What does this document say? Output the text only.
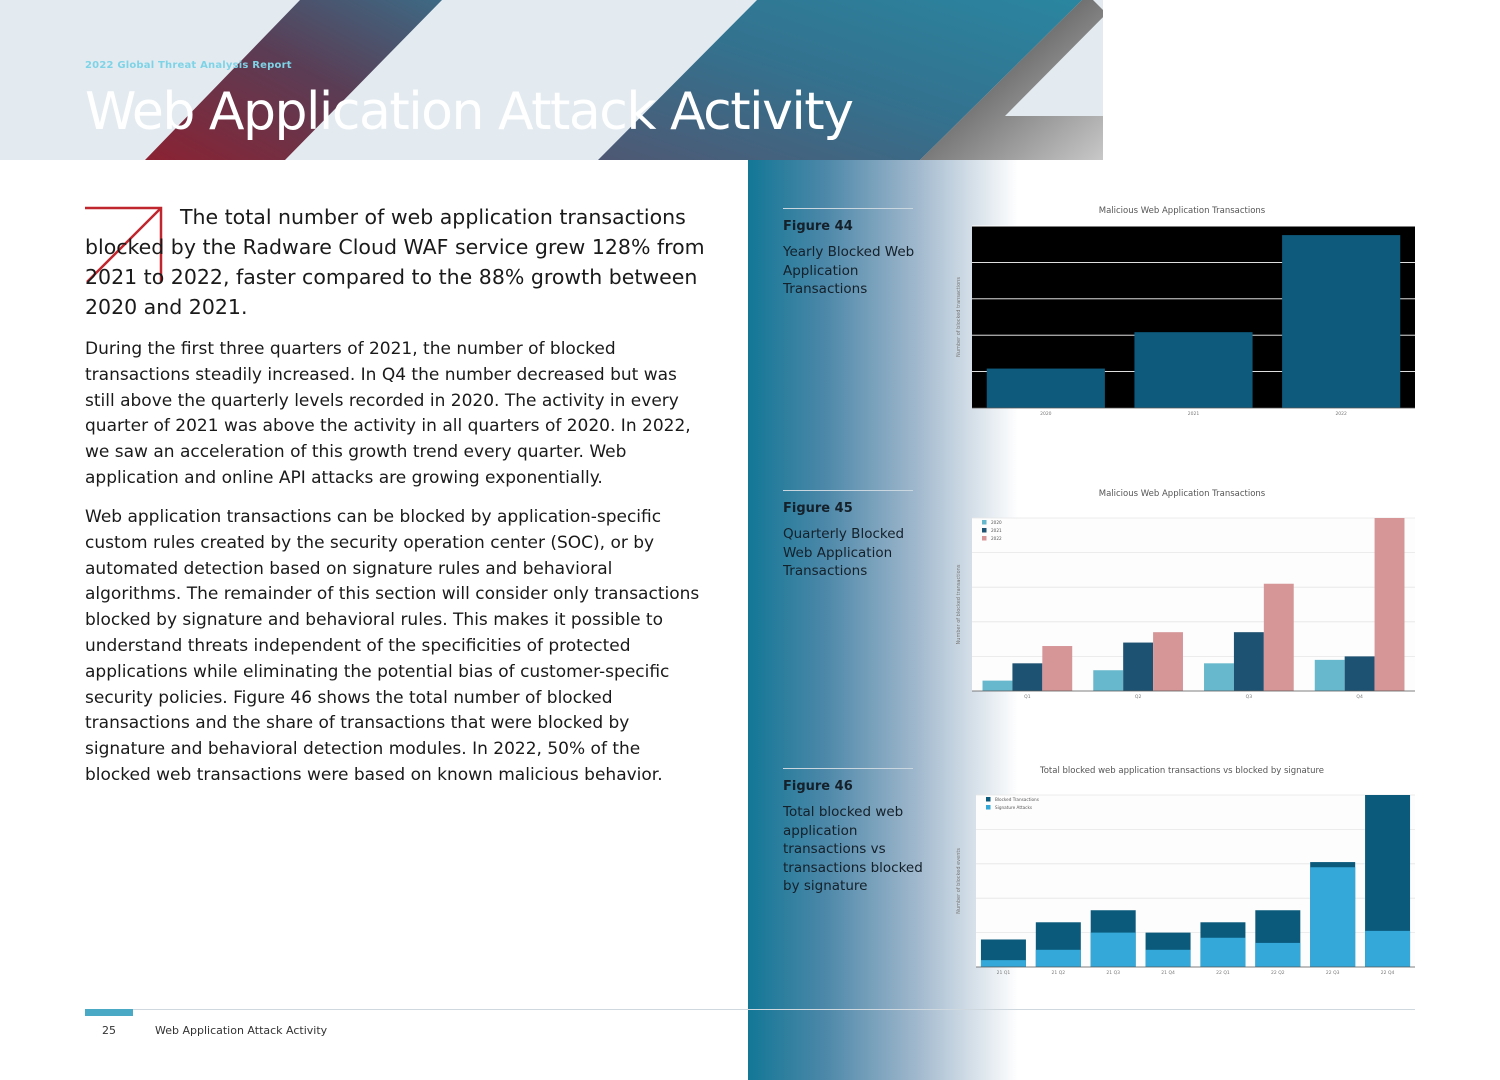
2022 Global Threat Analysis Report
Web Application Attack Activity
The total number of web application transactions blocked by the Radware Cloud WAF service grew 128% from 2021 to 2022, faster compared to the 88% growth between 2020 and 2021.

During the first three quarters of 2021, the number of blocked transactions steadily increased. In Q4 the number decreased but was still above the quarterly levels recorded in 2020. The activity in every quarter of 2021 was above the activity in all quarters of 2020. In 2022, we saw an acceleration of this growth trend every quarter. Web application and online API attacks are growing exponentially.

Web application transactions can be blocked by application-specific custom rules created by the security operation center (SOC), or by automated detection based on signature rules and behavioral algorithms. The remainder of this section will consider only transactions blocked by signature and behavioral rules. This makes it possible to understand threats independent of the specificities of protected applications while eliminating the potential bias of customer-specific security policies. Figure 46 shows the total number of blocked transactions and the share of transactions that were blocked by signature and behavioral detection modules. In 2022, 50% of the blocked web transactions were based on known malicious behavior.

Figure 44
Yearly Blocked Web Application Transactions
Figure 45
Quarterly Blocked Web Application Transactions
Figure 46
Total blocked web application transactions vs transactions blocked by signature
Malicious Web Application Transactions
Malicious Web Application Transactions
Total blocked web application transactions vs blocked by signature
Number of blocked transactions
2020	2021	2022
Number of blocked transactions
Q1	Q2	Q3	Q4
2020
2021
2022
Number of blocked events
21 Q1	21 Q2	21 Q3	21 Q4	22 Q1	22 Q2	22 Q3	22 Q4
Blocked Transactions
Signature Attacks
25	Web Application Attack Activity
